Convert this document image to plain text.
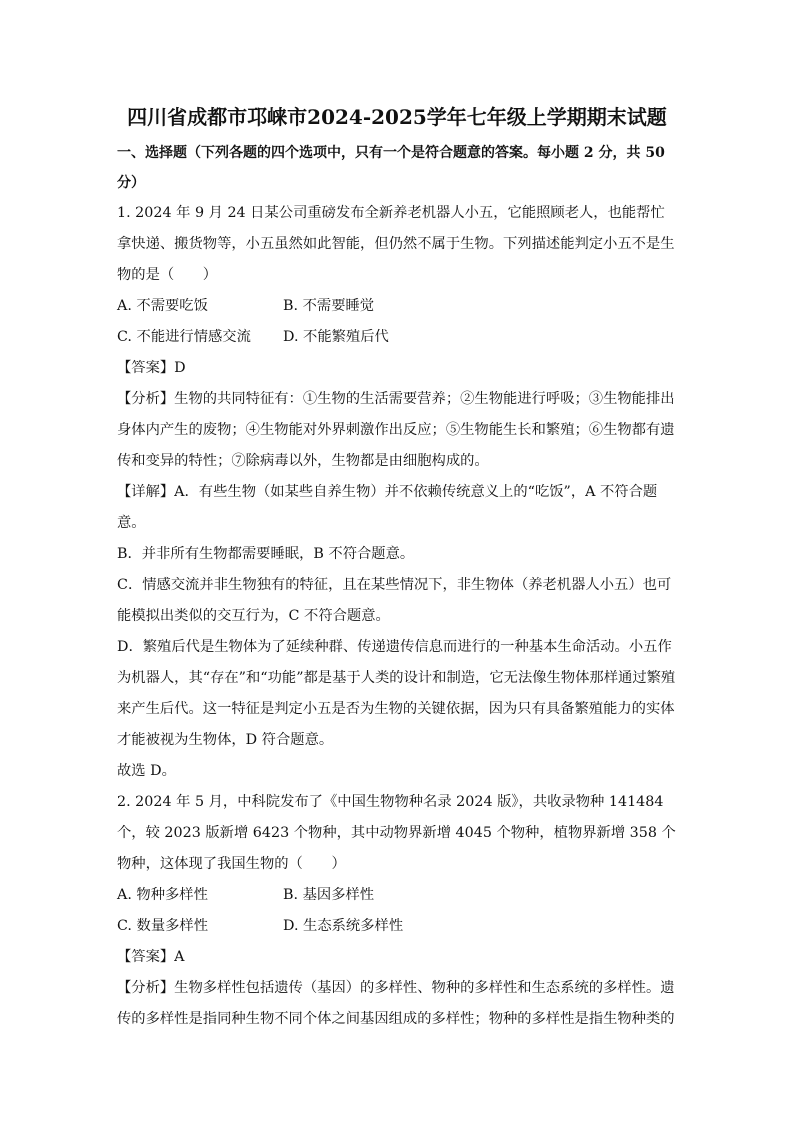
四川省成都市邛崃市2024-2025学年七年级上学期期末试题
一、选择题（下列各题的四个选项中，只有一个是符合题意的答案。每小题 2 分，共 50 分）
1. 2024 年 9 月 24 日某公司重磅发布全新养老机器人小五，它能照顾老人，也能帮忙拿快递、搬货物等，小五虽然如此智能，但仍然不属于生物。下列描述能判定小五不是生物的是（　　）
A. 不需要吃饭	B. 不需要睡觉
C. 不能进行情感交流	D. 不能繁殖后代
【答案】D
【分析】生物的共同特征有：①生物的生活需要营养；②生物能进行呼吸；③生物能排出身体内产生的废物；④生物能对外界刺激作出反应；⑤生物能生长和繁殖；⑥生物都有遗传和变异的特性；⑦除病毒以外，生物都是由细胞构成的。
【详解】A．有些生物（如某些自养生物）并不依赖传统意义上的“吃饭”，A 不符合题意。
B．并非所有生物都需要睡眠，B 不符合题意。
C．情感交流并非生物独有的特征，且在某些情况下，非生物体（养老机器人小五）也可能模拟出类似的交互行为，C 不符合题意。
D．繁殖后代是生物体为了延续种群、传递遗传信息而进行的一种基本生命活动。小五作为机器人，其“存在”和“功能”都是基于人类的设计和制造，它无法像生物体那样通过繁殖来产生后代。这一特征是判定小五是否为生物的关键依据，因为只有具备繁殖能力的实体才能被视为生物体，D 符合题意。
故选 D。
2. 2024 年 5 月，中科院发布了《中国生物物种名录 2024 版》，共收录物种 141484 个，较 2023 版新增 6423 个物种，其中动物界新增 4045 个物种，植物界新增 358 个物种，这体现了我国生物的（　　）
A. 物种多样性	B. 基因多样性
C. 数量多样性	D. 生态系统多样性
【答案】A
【分析】生物多样性包括遗传（基因）的多样性、物种的多样性和生态系统的多样性。遗传的多样性是指同种生物不同个体之间基因组成的多样性；物种的多样性是指生物种类的
